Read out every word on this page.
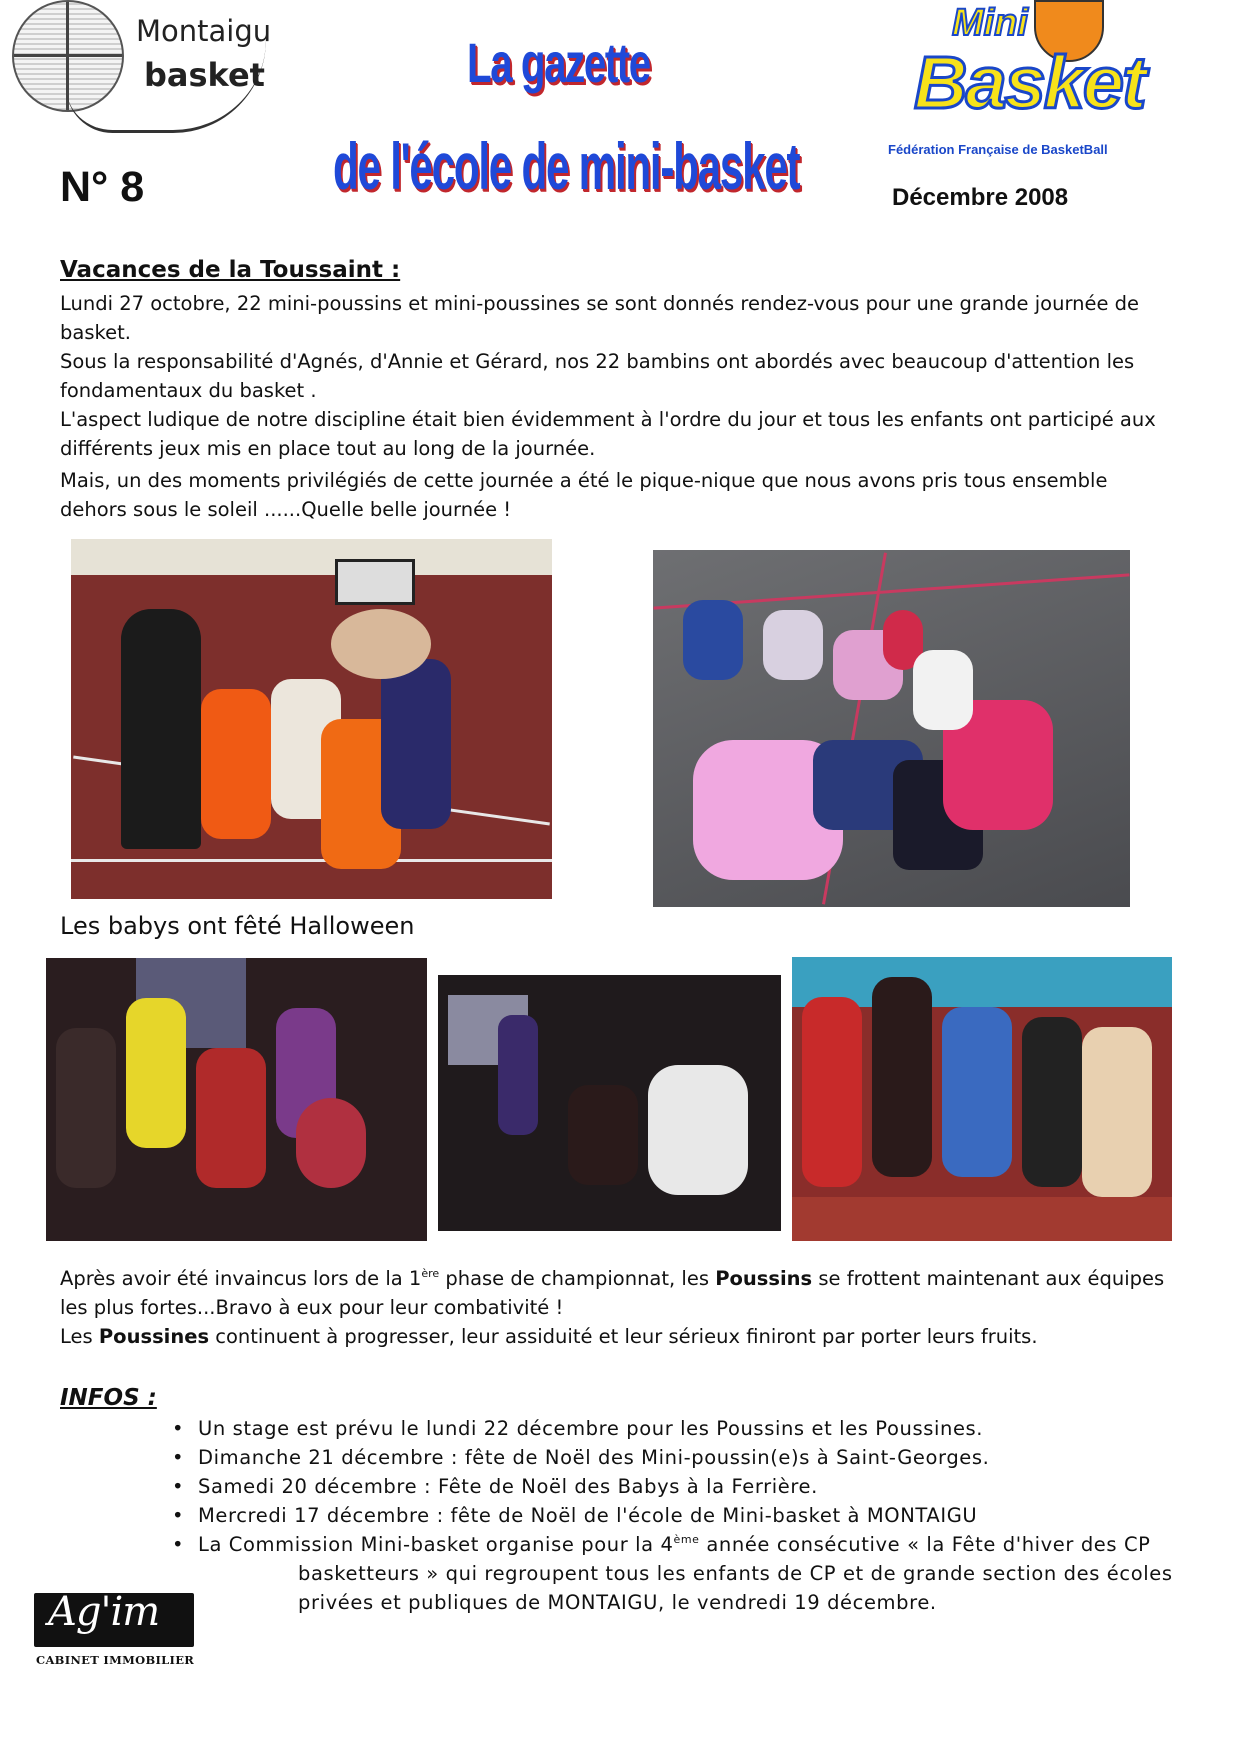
Montaigu
basket
N° 8
La gazette
de l'école de mini-basket
Mini
Basket
Fédération Française de BasketBall
Décembre 2008
Vacances de la Toussaint :

Lundi 27 octobre, 22 mini-poussins et mini-poussines se sont donnés rendez-vous pour une grande journée de basket.

Sous la responsabilité d'Agnés, d'Annie et Gérard, nos 22 bambins ont abordés avec beaucoup d'attention les fondamentaux du basket .

L'aspect ludique de notre discipline était bien évidemment à l'ordre du jour et tous les enfants ont participé aux différents jeux mis en place tout au long de la journée.

Mais, un des moments privilégiés de cette journée a été le pique-nique que nous avons pris tous ensemble dehors sous le soleil ......Quelle belle journée !

Les babys ont fêté Halloween

Après avoir été invaincus lors de la 1ère phase de championnat, les Poussins se frottent maintenant aux équipes les plus fortes...Bravo à eux pour leur combativité !

Les Poussines continuent à progresser, leur assiduité et leur sérieux finiront par porter leurs fruits.

INFOS :
• Un stage est prévu le lundi 22 décembre pour les Poussins et les Poussines.
• Dimanche 21 décembre : fête de Noël des Mini-poussin(e)s à Saint-Georges.
• Samedi 20 décembre : Fête de Noël des Babys à la Ferrière.
• Mercredi 17 décembre : fête de Noël de l'école de Mini-basket à MONTAIGU
• La Commission Mini-basket organise pour la 4ème année consécutive « la Fête d'hiver des CP
basketteurs » qui regroupent tous les enfants de CP et de grande section des écoles privées et publiques de MONTAIGU, le vendredi 19 décembre.
Ag'im
CABINET IMMOBILIER
